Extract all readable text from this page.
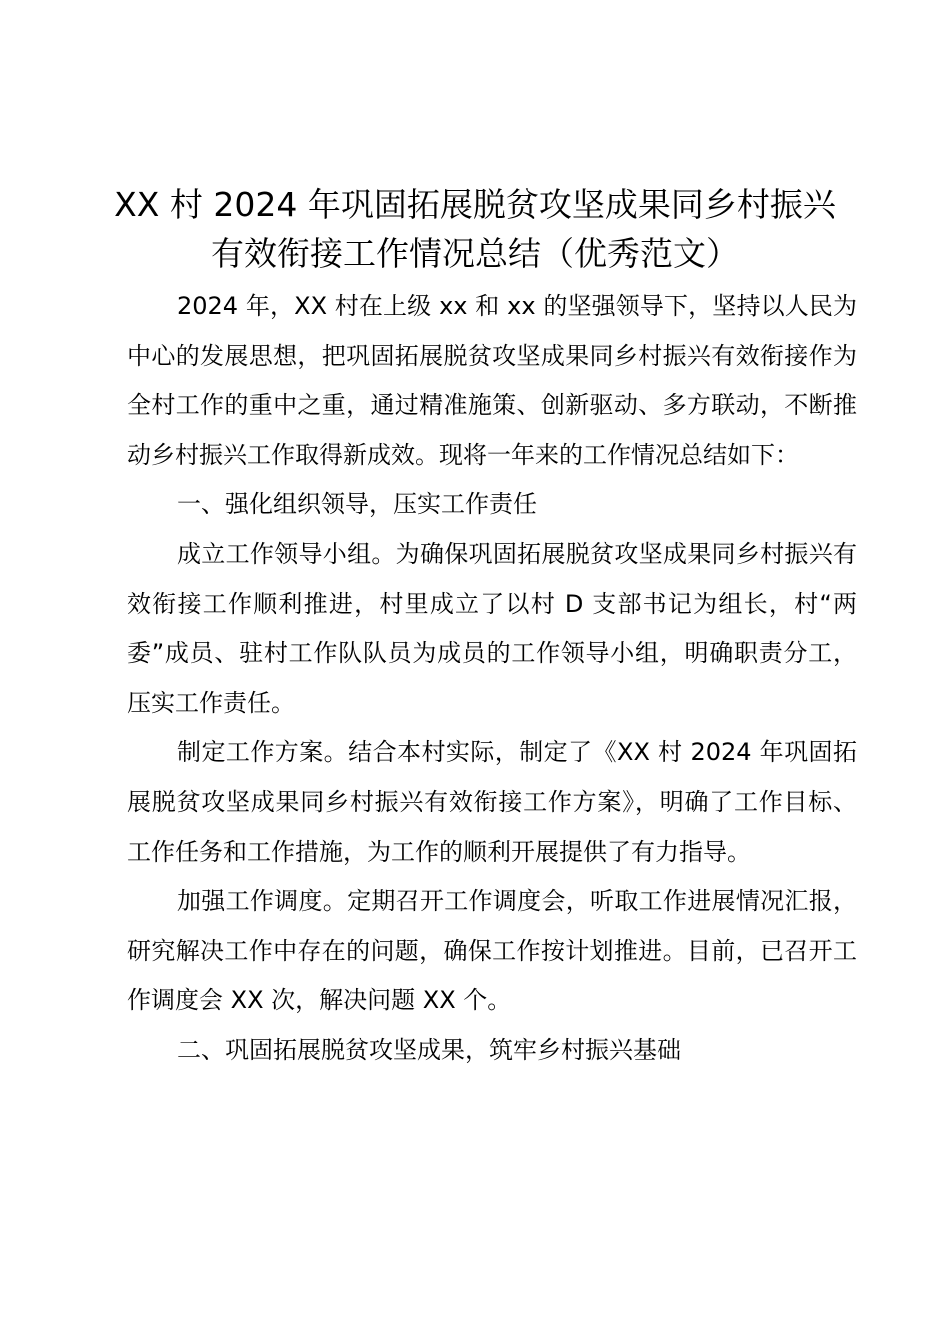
XX 村 2024 年巩固拓展脱贫攻坚成果同乡村振兴有效衔接工作情况总结（优秀范文）

2024 年，XX 村在上级 xx 和 xx 的坚强领导下，坚持以人民为中心的发展思想，把巩固拓展脱贫攻坚成果同乡村振兴有效衔接作为全村工作的重中之重，通过精准施策、创新驱动、多方联动，不断推动乡村振兴工作取得新成效。现将一年来的工作情况总结如下：

一、强化组织领导，压实工作责任

成立工作领导小组。为确保巩固拓展脱贫攻坚成果同乡村振兴有效衔接工作顺利推进，村里成立了以村 D 支部书记为组长，村“两委”成员、驻村工作队队员为成员的工作领导小组，明确职责分工，压实工作责任。

制定工作方案。结合本村实际，制定了《XX 村 2024 年巩固拓展脱贫攻坚成果同乡村振兴有效衔接工作方案》，明确了工作目标、工作任务和工作措施，为工作的顺利开展提供了有力指导。

加强工作调度。定期召开工作调度会，听取工作进展情况汇报，研究解决工作中存在的问题，确保工作按计划推进。目前，已召开工作调度会 XX 次，解决问题 XX 个。

二、巩固拓展脱贫攻坚成果，筑牢乡村振兴基础
